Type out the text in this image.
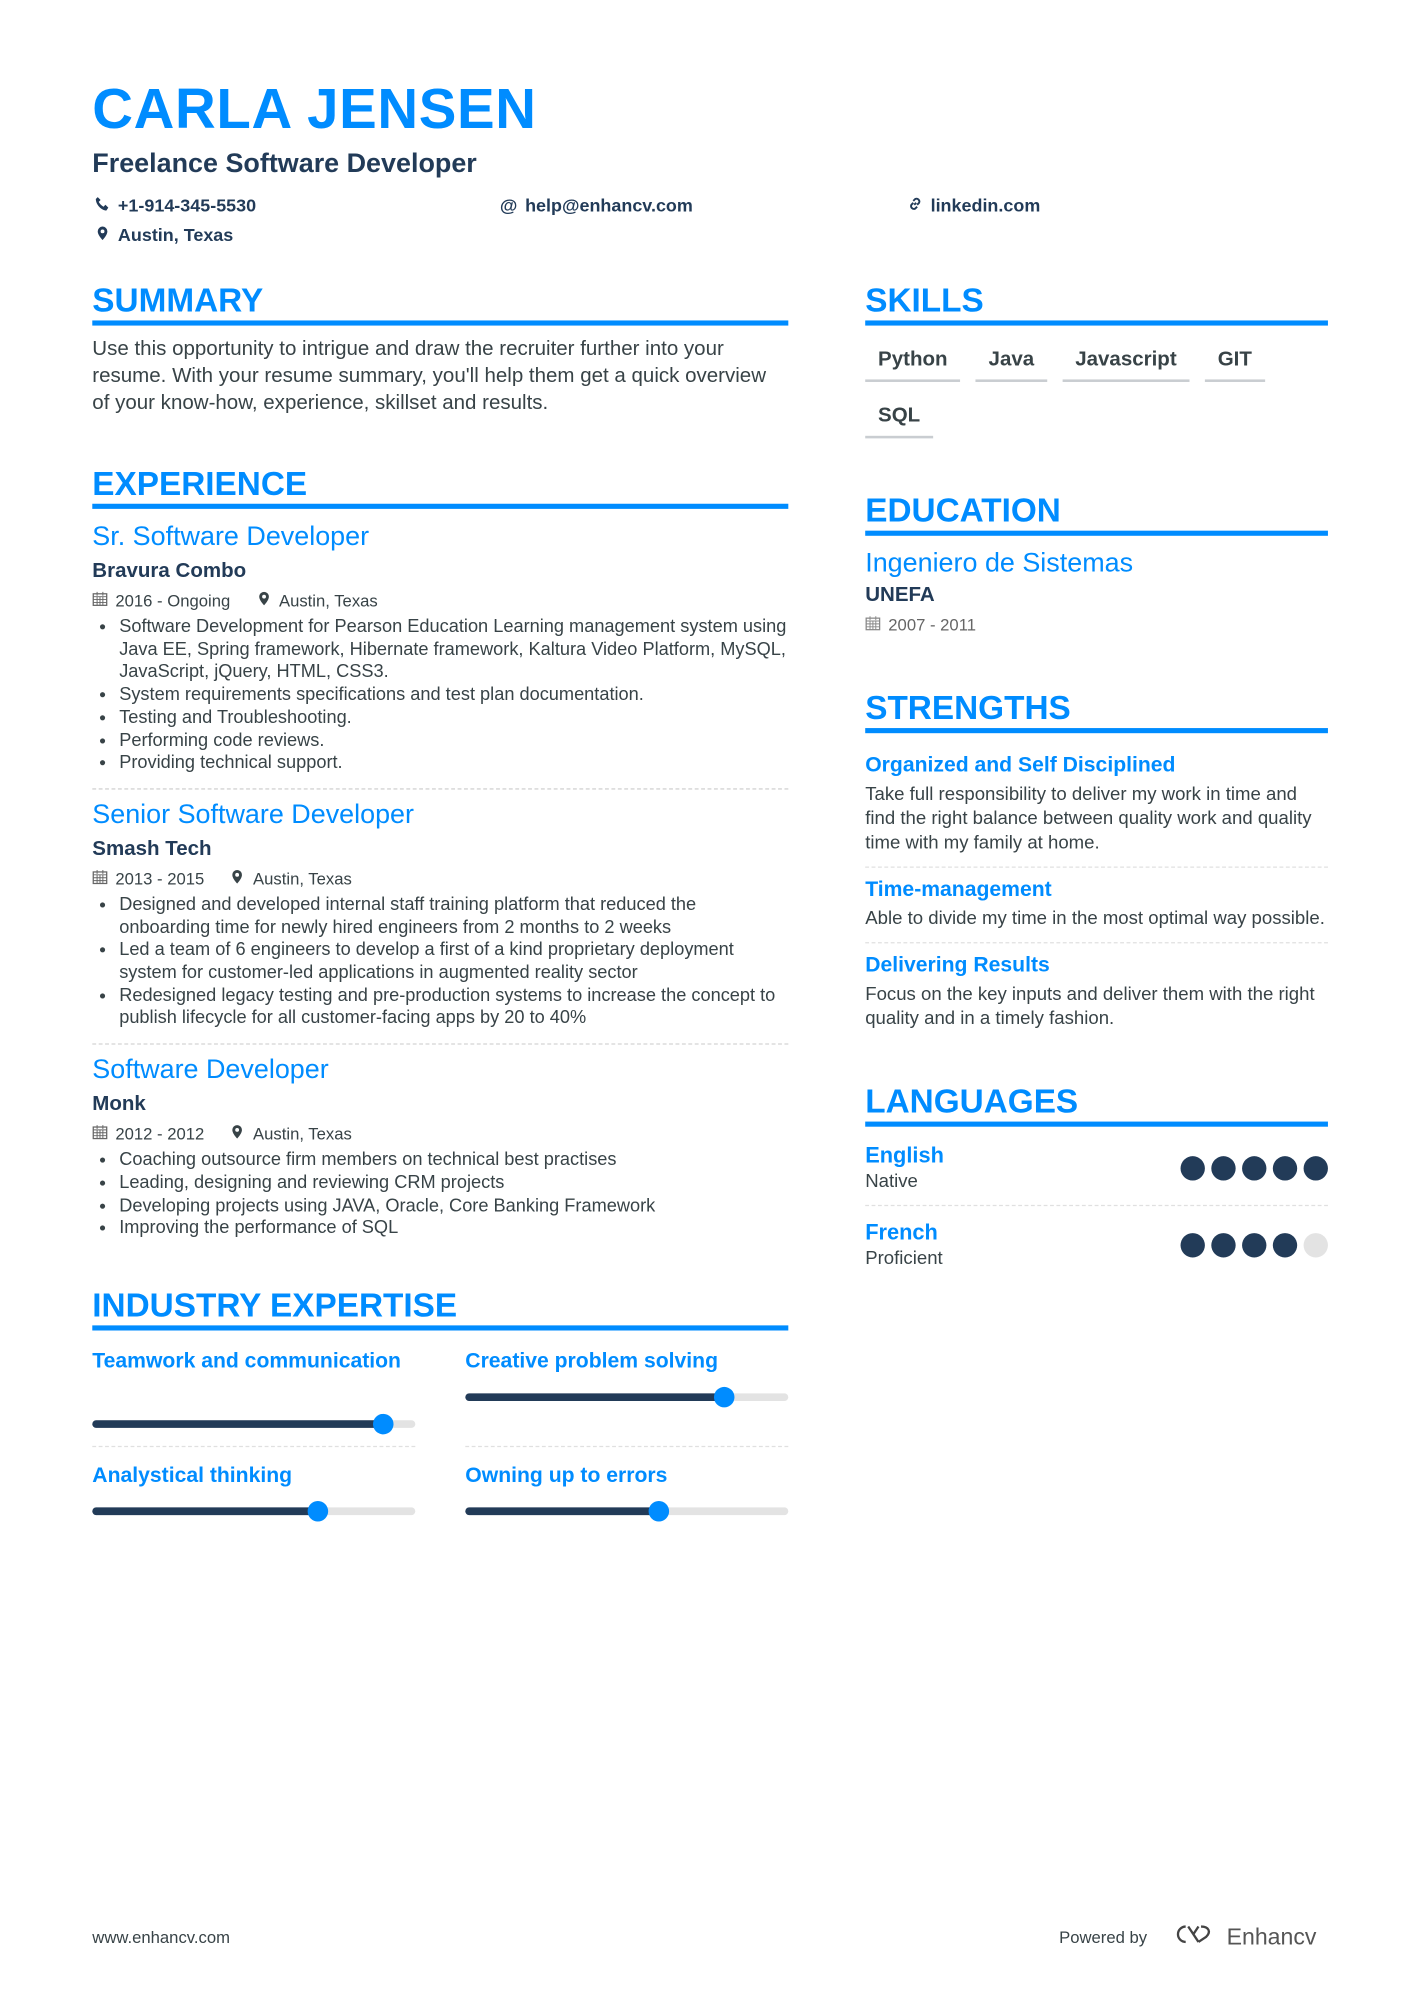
CARLA JENSEN
Freelance Software Developer
+1-914-345-5530	@ help@enhancv.com	linkedin.com
Austin, Texas
SUMMARY

Use this opportunity to intrigue and draw the recruiter further into your resume. With your resume summary, you'll help them get a quick overview of your know-how, experience, skillset and results.

EXPERIENCE
Sr. Software Developer
Bravura Combo
2016 - Ongoing	Austin, Texas
• Software Development for Pearson Education Learning management system using Java EE, Spring framework, Hibernate framework, Kaltura Video Platform, MySQL, JavaScript, jQuery, HTML, CSS3.
• System requirements specifications and test plan documentation.
• Testing and Troubleshooting.
• Performing code reviews.
• Providing technical support.
Senior Software Developer
Smash Tech
2013 - 2015	Austin, Texas
• Designed and developed internal staff training platform that reduced the onboarding time for newly hired engineers from 2 months to 2 weeks
• Led a team of 6 engineers to develop a first of a kind proprietary deployment system for customer-led applications in augmented reality sector
• Redesigned legacy testing and pre-production systems to increase the concept to publish lifecycle for all customer-facing apps by 20 to 40%
Software Developer
Monk
2012 - 2012	Austin, Texas
• Coaching outsource firm members on technical best practises
• Leading, designing and reviewing CRM projects
• Developing projects using JAVA, Oracle, Core Banking Framework
• Improving the performance of SQL
INDUSTRY EXPERTISE
Teamwork and communication	Creative problem solving
Analystical thinking	Owning up to errors
SKILLS
Python	Java	Javascript	GIT
SQL
EDUCATION
Ingeniero de Sistemas
UNEFA
2007 - 2011
STRENGTHS
Organized and Self Disciplined
Take full responsibility to deliver my work in time and find the right balance between quality work and quality time with my family at home.
Time-management
Able to divide my time in the most optimal way possible.
Delivering Results
Focus on the key inputs and deliver them with the right quality and in a timely fashion.
LANGUAGES
English
Native
French
Proficient
www.enhancv.com	Powered by	Enhancv
